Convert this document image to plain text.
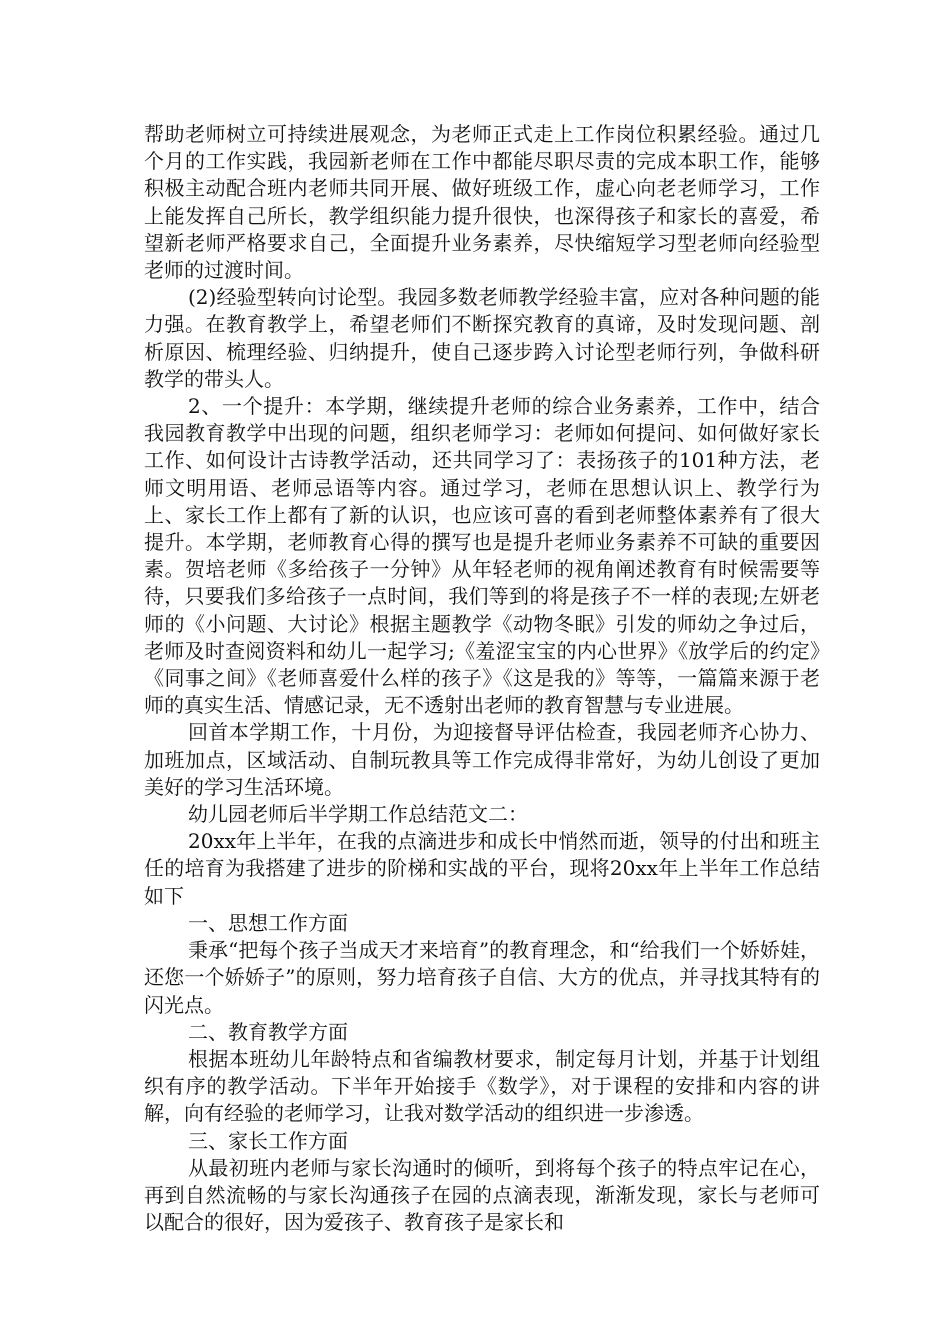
帮助老师树立可持续进展观念，为老师正式走上工作岗位积累经验。通过几个月的工作实践，我园新老师在工作中都能尽职尽责的完成本职工作，能够积极主动配合班内老师共同开展、做好班级工作，虚心向老老师学习，工作上能发挥自己所长，教学组织能力提升很快，也深得孩子和家长的喜爱，希望新老师严格要求自己，全面提升业务素养，尽快缩短学习型老师向经验型老师的过渡时间。

(2)经验型转向讨论型。我园多数老师教学经验丰富，应对各种问题的能力强。在教育教学上，希望老师们不断探究教育的真谛，及时发现问题、剖析原因、梳理经验、归纳提升，使自己逐步跨入讨论型老师行列，争做科研教学的带头人。

2、一个提升：本学期，继续提升老师的综合业务素养，工作中，结合我园教育教学中出现的问题，组织老师学习：老师如何提问、如何做好家长工作、如何设计古诗教学活动，还共同学习了：表扬孩子的101种方法，老师文明用语、老师忌语等内容。通过学习，老师在思想认识上、教学行为上、家长工作上都有了新的认识，也应该可喜的看到老师整体素养有了很大提升。本学期，老师教育心得的撰写也是提升老师业务素养不可缺的重要因素。贺培老师《多给孩子一分钟》从年轻老师的视角阐述教育有时候需要等待，只要我们多给孩子一点时间，我们等到的将是孩子不一样的表现;左妍老师的《小问题、大讨论》根据主题教学《动物冬眠》引发的师幼之争过后，老师及时查阅资料和幼儿一起学习;《羞涩宝宝的内心世界》《放学后的约定》《同事之间》《老师喜爱什么样的孩子》《这是我的》等等，一篇篇来源于老师的真实生活、情感记录，无不透射出老师的教育智慧与专业进展。

回首本学期工作，十月份，为迎接督导评估检查，我园老师齐心协力、加班加点，区域活动、自制玩教具等工作完成得非常好，为幼儿创设了更加美好的学习生活环境。

幼儿园老师后半学期工作总结范文二：

20xx年上半年，在我的点滴进步和成长中悄然而逝，领导的付出和班主任的培育为我搭建了进步的阶梯和实战的平台，现将20xx年上半年工作总结如下

一、思想工作方面

秉承“把每个孩子当成天才来培育”的教育理念，和“给我们一个娇娇娃，还您一个娇娇子”的原则，努力培育孩子自信、大方的优点，并寻找其特有的闪光点。

二、教育教学方面

根据本班幼儿年龄特点和省编教材要求，制定每月计划，并基于计划组织有序的教学活动。下半年开始接手《数学》，对于课程的安排和内容的讲解，向有经验的老师学习，让我对数学活动的组织进一步渗透。

三、家长工作方面

从最初班内老师与家长沟通时的倾听，到将每个孩子的特点牢记在心，再到自然流畅的与家长沟通孩子在园的点滴表现，渐渐发现，家长与老师可以配合的很好，因为爱孩子、教育孩子是家长和
